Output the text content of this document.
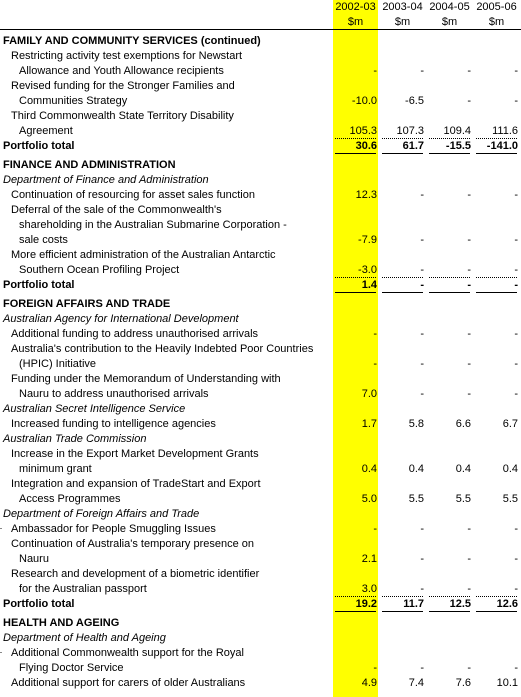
2002-03 2003-04 2004-05 2005-06
$m	$m	$m	$m
FAMILY AND COMMUNITY SERVICES (continued)
Restricting activity test exemptions for Newstart
Allowance and Youth Allowance recipients	-	-	-	-
Revised funding for the Stronger Families and
Communities Strategy	-10.0	-6.5	-	-
Third Commonwealth State Territory Disability
Agreement	105.3	107.3	109.4	111.6
Portfolio total	30.6	61.7	-15.5	-141.0
FINANCE AND ADMINISTRATION
Department of Finance and Administration
Continuation of resourcing for asset sales function	12.3	-	-	-
Deferral of the sale of the Commonwealth's
shareholding in the Australian Submarine Corporation -
sale costs	-7.9	-	-	-
More efficient administration of the Australian Antarctic
Southern Ocean Profiling Project	-3.0	-	-	-
Portfolio total	1.4	-	-	-
FOREIGN AFFAIRS AND TRADE
Australian Agency for International Development
Additional funding to address unauthorised arrivals	-	-	-	-
Australia's contribution to the Heavily Indebted Poor Countries
(HPIC) Initiative	-	-	-	-
Funding under the Memorandum of Understanding with
Nauru to address unauthorised arrivals	7.0	-	-	-
Australian Secret Intelligence Service
Increased funding to intelligence agencies	1.7	5.8	6.6	6.7
Australian Trade Commission
Increase in the Export Market Development Grants
minimum grant	0.4	0.4	0.4	0.4
Integration and expansion of TradeStart and Export
Access Programmes	5.0	5.5	5.5	5.5
Department of Foreign Affairs and Trade
Ambassador for People Smuggling Issues	-	-	-	-
Continuation of Australia's temporary presence on
Nauru	2.1	-	-	-
Research and development of a biometric identifier
for the Australian passport	3.0	-	-	-
Portfolio total	19.2	11.7	12.5	12.6
HEALTH AND AGEING
Department of Health and Ageing
Additional Commonwealth support for the Royal
Flying Doctor Service	-	-	-	-
Additional support for carers of older Australians	4.9	7.4	7.6	10.1
